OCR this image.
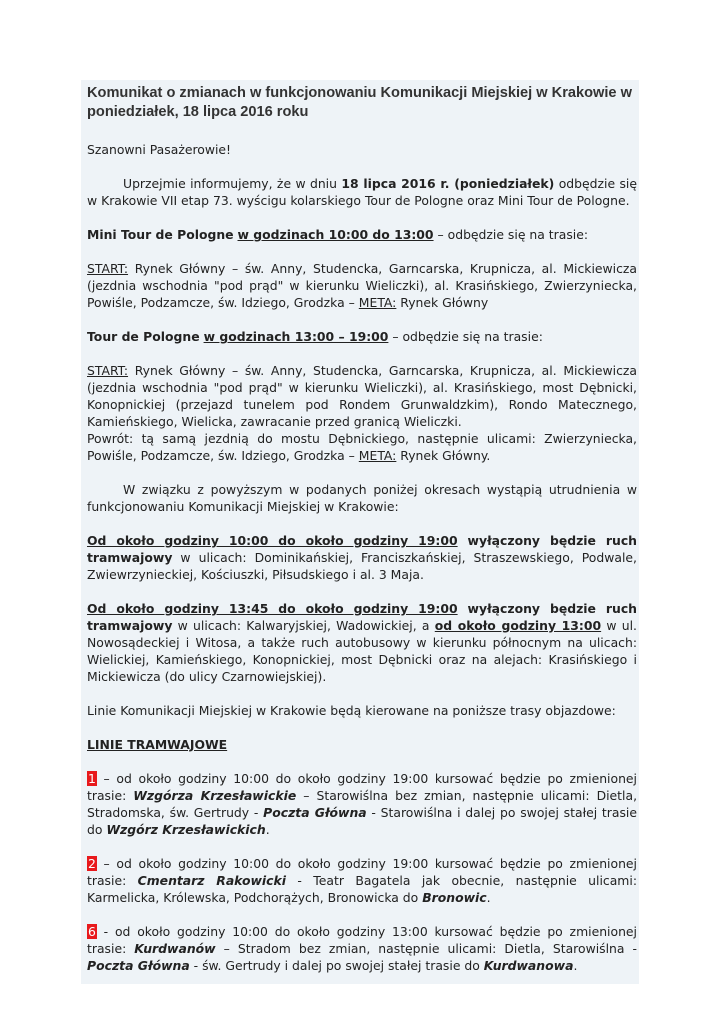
Komunikat o zmianach w funkcjonowaniu Komunikacji Miejskiej w Krakowie w poniedziałek, 18 lipca 2016 roku

Szanowni Pasażerowie!

Uprzejmie informujemy, że w dniu 18 lipca 2016 r. (poniedziałek) odbędzie się w Krakowie VII etap 73. wyścigu kolarskiego Tour de Pologne oraz Mini Tour de Pologne.

Mini Tour de Pologne w godzinach 10:00 do 13:00 – odbędzie się na trasie:

START: Rynek Główny – św. Anny, Studencka, Garncarska, Krupnicza, al. Mickiewicza (jezdnia wschodnia "pod prąd" w kierunku Wieliczki), al. Krasińskiego, Zwierzyniecka, Powiśle, Podzamcze, św. Idziego, Grodzka – META: Rynek Główny

Tour de Pologne w godzinach 13:00 – 19:00 – odbędzie się na trasie:

START: Rynek Główny – św. Anny, Studencka, Garncarska, Krupnicza, al. Mickiewicza (jezdnia wschodnia "pod prąd" w kierunku Wieliczki), al. Krasińskiego, most Dębnicki, Konopnickiej (przejazd tunelem pod Rondem Grunwaldzkim), Rondo Matecznego, Kamieńskiego, Wielicka, zawracanie przed granicą Wieliczki.

Powrót: tą samą jezdnią do mostu Dębnickiego, następnie ulicami: Zwierzyniecka, Powiśle, Podzamcze, św. Idziego, Grodzka – META: Rynek Główny.

W związku z powyższym w podanych poniżej okresach wystąpią utrudnienia w funkcjonowaniu Komunikacji Miejskiej w Krakowie:

Od około godziny 10:00 do około godziny 19:00 wyłączony będzie ruch tramwajowy w ulicach: Dominikańskiej, Franciszkańskiej, Straszewskiego, Podwale, Zwiewrzynieckiej, Kościuszki, Piłsudskiego i al. 3 Maja.

Od około godziny 13:45 do około godziny 19:00 wyłączony będzie ruch tramwajowy w ulicach: Kalwaryjskiej, Wadowickiej, a od około godziny 13:00 w ul. Nowosądeckiej i Witosa, a także ruch autobusowy w kierunku północnym na ulicach: Wielickiej, Kamieńskiego, Konopnickiej, most Dębnicki oraz na alejach: Krasińskiego i Mickiewicza (do ulicy Czarnowiejskiej).

Linie Komunikacji Miejskiej w Krakowie będą kierowane na poniższe trasy objazdowe:

LINIE TRAMWAJOWE

1 – od około godziny 10:00 do około godziny 19:00 kursować będzie po zmienionej trasie: Wzgórza Krzesławickie – Starowiślna bez zmian, następnie ulicami: Dietla, Stradomska, św. Gertrudy - Poczta Główna - Starowiślna i dalej po swojej stałej trasie do Wzgórz Krzesławickich.

2 – od około godziny 10:00 do około godziny 19:00 kursować będzie po zmienionej trasie: Cmentarz Rakowicki - Teatr Bagatela jak obecnie, następnie ulicami: Karmelicka, Królewska, Podchorążych, Bronowicka do Bronowic.

6 - od około godziny 10:00 do około godziny 13:00 kursować będzie po zmienionej trasie: Kurdwanów – Stradom bez zmian, następnie ulicami: Dietla, Starowiślna - Poczta Główna - św. Gertrudy i dalej po swojej stałej trasie do Kurdwanowa.
